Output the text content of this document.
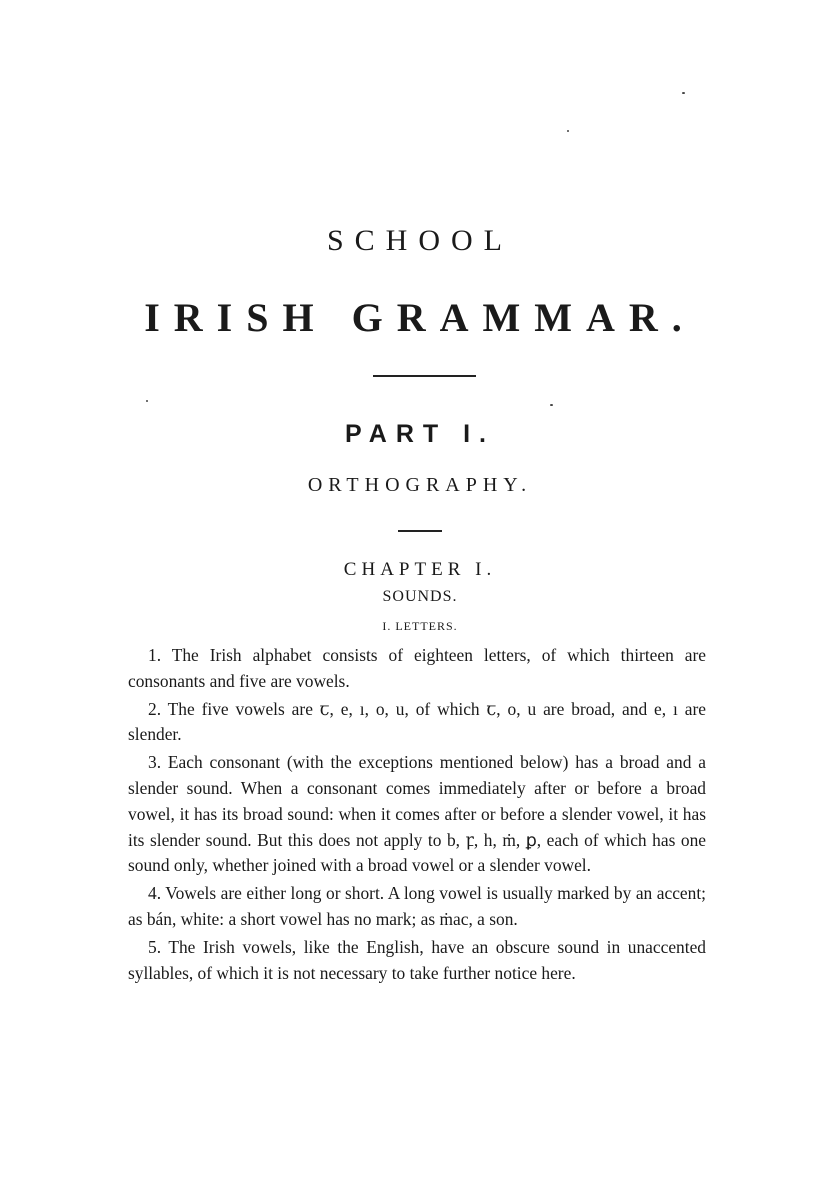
SCHOOL
IRISH GRAMMAR.
PART I.
ORTHOGRAPHY.
CHAPTER I.
SOUNDS.
I. LETTERS.

1. The Irish alphabet consists of eighteen letters, of which thirteen are consonants and five are vowels.

2. The five vowels are ꞇ, e, ı, o, u, of which ꞇ, o, u are broad, and e, ı are slender.

3. Each consonant (with the exceptions mentioned below) has a broad and a slender sound. When a consonant comes immediately after or before a broad vowel, it has its broad sound: when it comes after or before a slender vowel, it has its slender sound. But this does not apply to b, ꝼ, h, ṁ, ꝑ, each of which has one sound only, whether joined with a broad vowel or a slender vowel.

4. Vowels are either long or short. A long vowel is usually marked by an accent; as bán, white: a short vowel has no mark; as ṁac, a son.

5. The Irish vowels, like the English, have an obscure sound in unaccented syllables, of which it is not necessary to take further notice here.
